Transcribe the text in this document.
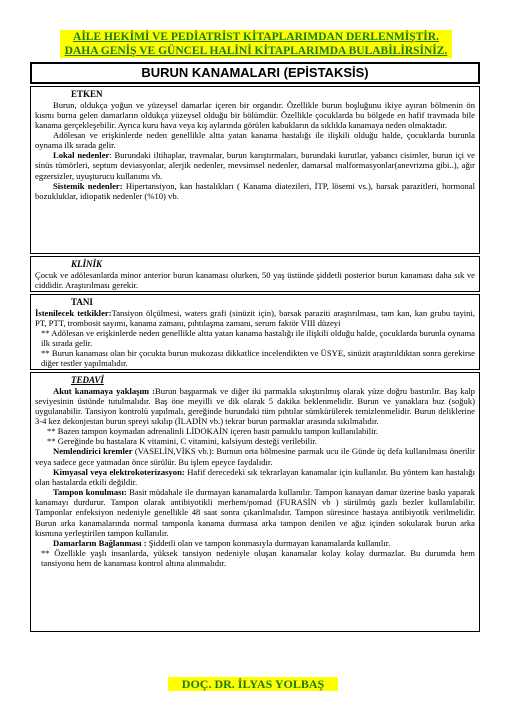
AİLE HEKİMİ VE PEDİATRİST KİTAPLARIMDAN DERLENMİŞTİR.
DAHA GENİŞ VE GÜNCEL HALİNİ KİTAPLARIMDA BULABİLİRSİNİZ.
BURUN KANAMALARI (EPİSTAKSİS)
ETKEN

Burun, oldukça yoğun ve yüzeysel damarlar içeren bir organdır. Özellikle burun boşluğunu ikiye ayıran bölmenin ön kısmı burna gelen damarların oldukça yüzeysel olduğu bir bölümdür. Özellikle çocuklarda bu bölgede en hafif travmada bile kanama gerçekleşebilir. Ayrıca kuru hava veya kış aylarında görülen kabukların da sıklıkla kanamaya neden olmaktadır.

Adölesan ve erişkinlerde neden genellikle altta yatan kanama hastalığı ile ilişkili olduğu halde, çocuklarda burunla oynama ilk sırada gelir.

Lokal nedenler: Burundaki iltihaplar, travmalar, burun karıştırmaları, burundaki kurutlar, yabancı cisimler, burun içi ve sinüs tümörleri, septum deviasyonlar, alerjik nedenler, mevsimsel nedenler, damarsal malformasyonlar(anevrizma gibi..), ağır egzersizler, uyuşturucu kullanımı vb.

Sistemik nedenler: Hipertansiyon, kan hastalıkları ( Kanama diatezileri, İTP, lösemi vs.), barsak parazitleri, hormonal bozukluklar, idiopatik nedenler (%10) vb.

KLİNİK

Çocuk ve adölesanlarda minor anterior burun kanaması olurken, 50 yaş üstünde şiddetli posterior burun kanaması daha sık ve ciddidir. Araştırılması gerekir.

TANI

İstenilecek tetkikler:Tansiyon ölçülmesi, waters grafi (sinüzit için), barsak paraziti araştırılması, tam kan, kan grubu tayini, PT, PTT, trombosit sayımı, kanama zamanı, pıhtılaşma zamanı, serum faktör VIII düzeyi

** Adölesan ve erişkinlerde neden genellikle altta yatan kanama hastalığı ile ilişkili olduğu halde, çocuklarda burunla oynama ilk sırada gelir.

** Burun kanaması olan bir çocukta burun mukozası dikkatlice incelendikten ve ÜSYE, sinüzit araştırıldıktan sonra gerekirse diğer testler yapılmalıdır.

TEDAVİ

Akut kanamaya yaklaşım :Burun başparmak ve diğer iki parmakla sıkıştırılmış olarak yüze doğru bastırılır. Baş kalp seviyesinin üstünde tutulmalıdır. Baş öne meyilli ve dik olarak 5 dakika beklenmelidir. Burun ve yanaklara buz (soğuk) uygulanabilir. Tansiyon kontrolü yapılmalı, gereğinde burundaki tüm pıhtılar sümkürülerek temizlenmelidir. Burun deliklerine 3-4 kez dekonjestan burun spreyi sıkılıp (İLADİN vb.) tekrar burun parmaklar arasında sıkılmalıdır.

** Bazen tampon koymadan adrenalinli LİDOKAİN içeren basit pamuklu tampon kullanılabilir.

** Gereğinde bu hastalara K vitamini, C vitamini, kalsiyum desteği verilebilir.

Nemlendirici kremler (VASELİN,VİKS vb.): Burnun orta bölmesine parmak ucu ile Günde üç defa kullanılması önerilir veya sadece gece yatmadan önce sürülür. Bu işlem epeyce faydalıdır.

Kimyasal veya elektrokoterizasyon: Hafif derecedeki sık tekrarlayan kanamalar için kullanılır. Bu yöntem kan hastalığı olan hastalarda etkili değildir.

Tampon konulması: Basit müdahale ile durmayan kanamalarda kullanılır. Tampon kanayan damar üzerine baskı yaparak kanamayı durdurur. Tampon olarak antibiyotikli merhem/pomad (FURASİN vb ) sürülmüş gazlı bezler kullanılabilir. Tamponlar enfeksiyon nedeniyle genellikle 48 saat sonra çıkarılmalıdır. Tampon süresince hastaya antibiyotik verilmelidir. Burun arka kanamalarında normal tamponla kanama durmasa arka tampon denilen ve ağız içinden sokularak burun arka kısmına yerleştirilen tampon kullanılır.

Damarların Bağlanması : Şiddetli olan ve tampon konmasıyla durmayan kanamalarda kullanılır.

** Özellikle yaşlı insanlarda, yüksek tansiyon nedeniyle oluşan kanamalar kolay kolay durmazlar. Bu durumda hem tansiyonu hem de kanaması kontrol altına alınmalıdır.

DOÇ. DR. İLYAS YOLBAŞ
